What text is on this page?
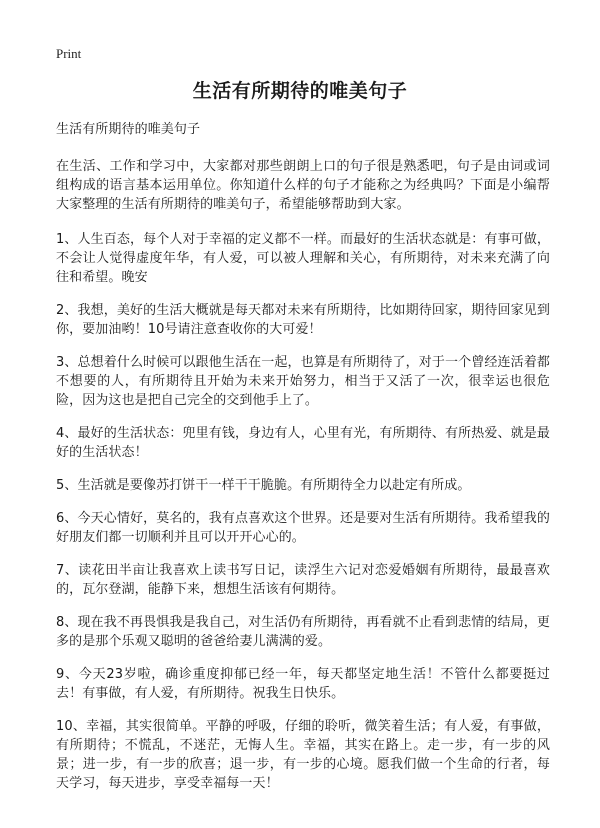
Print
生活有所期待的唯美句子

生活有所期待的唯美句子

在生活、工作和学习中，大家都对那些朗朗上口的句子很是熟悉吧，句子是由词或词组构成的语言基本运用单位。你知道什么样的句子才能称之为经典吗？下面是小编帮大家整理的生活有所期待的唯美句子，希望能够帮助到大家。

1、人生百态，每个人对于幸福的定义都不一样。而最好的生活状态就是：有事可做，不会让人觉得虚度年华，有人爱，可以被人理解和关心，有所期待，对未来充满了向往和希望。晚安

2、我想，美好的生活大概就是每天都对未来有所期待，比如期待回家，期待回家见到你，要加油哟！10号请注意查收你的大可爱！

3、总想着什么时候可以跟他生活在一起，也算是有所期待了，对于一个曾经连活着都不想要的人，有所期待且开始为未来开始努力，相当于又活了一次，很幸运也很危险，因为这也是把自己完全的交到他手上了。

4、最好的生活状态：兜里有钱，身边有人，心里有光，有所期待、有所热爱、就是最好的生活状态！

5、生活就是要像苏打饼干一样干干脆脆。有所期待全力以赴定有所成。

6、今天心情好，莫名的，我有点喜欢这个世界。还是要对生活有所期待。我希望我的好朋友们都一切顺利并且可以开开心心的。

7、读花田半亩让我喜欢上读书写日记，读浮生六记对恋爱婚姻有所期待，最最喜欢的，瓦尔登湖，能静下来，想想生活该有何期待。

8、现在我不再畏惧我是我自己，对生活仍有所期待，再看就不止看到悲情的结局，更多的是那个乐观又聪明的爸爸给妻儿满满的爱。

9、今天23岁啦，确诊重度抑郁已经一年，每天都坚定地生活！不管什么都要挺过去！有事做，有人爱，有所期待。祝我生日快乐。

10、幸福，其实很简单。平静的呼吸，仔细的聆听，微笑着生活；有人爱，有事做，有所期待；不慌乱，不迷茫，无悔人生。幸福，其实在路上。走一步，有一步的风景；进一步，有一步的欣喜；退一步，有一步的心境。愿我们做一个生命的行者，每天学习，每天进步，享受幸福每一天！
